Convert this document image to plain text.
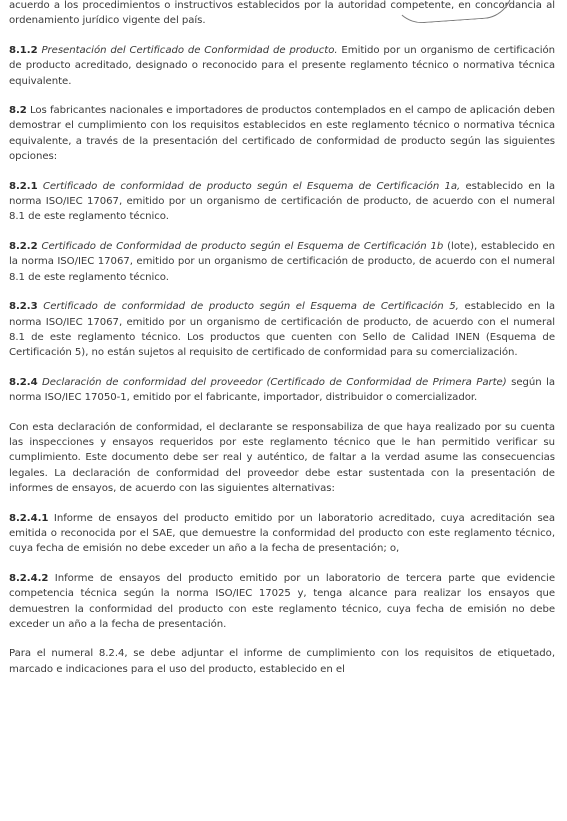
acuerdo a los procedimientos o instructivos establecidos por la autoridad competente, en concordancia al ordenamiento jurídico vigente del país.

8.1.2 Presentación del Certificado de Conformidad de producto. Emitido por un organismo de certificación de producto acreditado, designado o reconocido para el presente reglamento técnico o normativa técnica equivalente.

8.2 Los fabricantes nacionales e importadores de productos contemplados en el campo de aplicación deben demostrar el cumplimiento con los requisitos establecidos en este reglamento técnico o normativa técnica equivalente, a través de la presentación del certificado de conformidad de producto según las siguientes opciones:

8.2.1 Certificado de conformidad de producto según el Esquema de Certificación 1a, establecido en la norma ISO/IEC 17067, emitido por un organismo de certificación de producto, de acuerdo con el numeral 8.1 de este reglamento técnico.

8.2.2 Certificado de Conformidad de producto según el Esquema de Certificación 1b (lote), establecido en la norma ISO/IEC 17067, emitido por un organismo de certificación de producto, de acuerdo con el numeral 8.1 de este reglamento técnico.

8.2.3 Certificado de conformidad de producto según el Esquema de Certificación 5, establecido en la norma ISO/IEC 17067, emitido por un organismo de certificación de producto, de acuerdo con el numeral 8.1 de este reglamento técnico. Los productos que cuenten con Sello de Calidad INEN (Esquema de Certificación 5), no están sujetos al requisito de certificado de conformidad para su comercialización.

8.2.4 Declaración de conformidad del proveedor (Certificado de Conformidad de Primera Parte) según la norma ISO/IEC 17050-1, emitido por el fabricante, importador, distribuidor o comercializador.

Con esta declaración de conformidad, el declarante se responsabiliza de que haya realizado por su cuenta las inspecciones y ensayos requeridos por este reglamento técnico que le han permitido verificar su cumplimiento. Este documento debe ser real y auténtico, de faltar a la verdad asume las consecuencias legales. La declaración de conformidad del proveedor debe estar sustentada con la presentación de informes de ensayos, de acuerdo con las siguientes alternativas:

8.2.4.1 Informe de ensayos del producto emitido por un laboratorio acreditado, cuya acreditación sea emitida o reconocida por el SAE, que demuestre la conformidad del producto con este reglamento técnico, cuya fecha de emisión no debe exceder un año a la fecha de presentación; o,

8.2.4.2 Informe de ensayos del producto emitido por un laboratorio de tercera parte que evidencie competencia técnica según la norma ISO/IEC 17025 y, tenga alcance para realizar los ensayos que demuestren la conformidad del producto con este reglamento técnico, cuya fecha de emisión no debe exceder un año a la fecha de presentación.

Para el numeral 8.2.4, se debe adjuntar el informe de cumplimiento con los requisitos de etiquetado, marcado e indicaciones para el uso del producto, establecido en el
